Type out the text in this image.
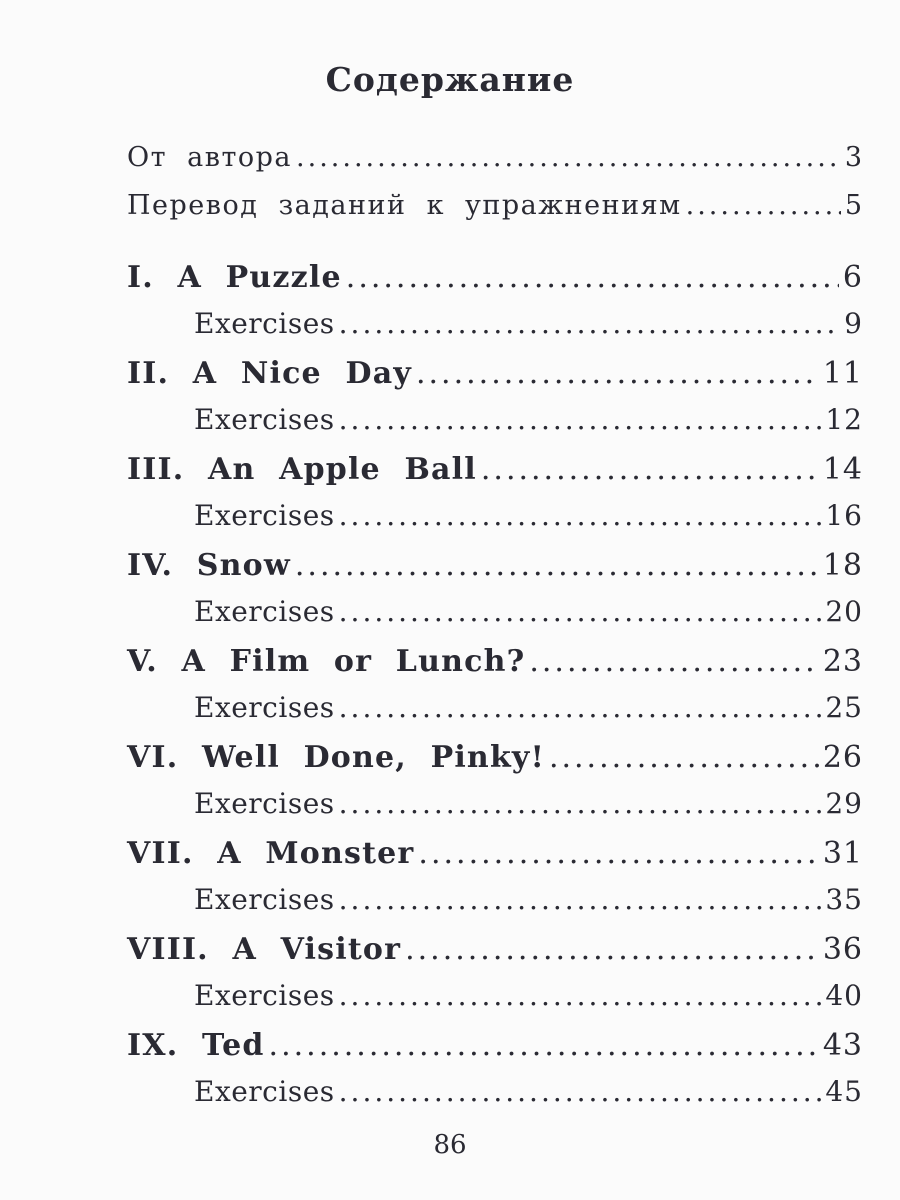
Содержание
От автора .....	3
Перевод заданий к упражнениям .....	5
I. A Puzzle .....	6
Exercises .....	9
II. A Nice Day .....	11
Exercises .....	12
III. An Apple Ball .....	14
Exercises .....	16
IV. Snow .....	18
Exercises .....	20
V. A Film or Lunch? .....	23
Exercises .....	25
VI. Well Done, Pinky! .....	26
Exercises .....	29
VII. A Monster .....	31
Exercises .....	35
VIII. A Visitor .....	36
Exercises .....	40
IX. Ted .....	43
Exercises .....	45
86
